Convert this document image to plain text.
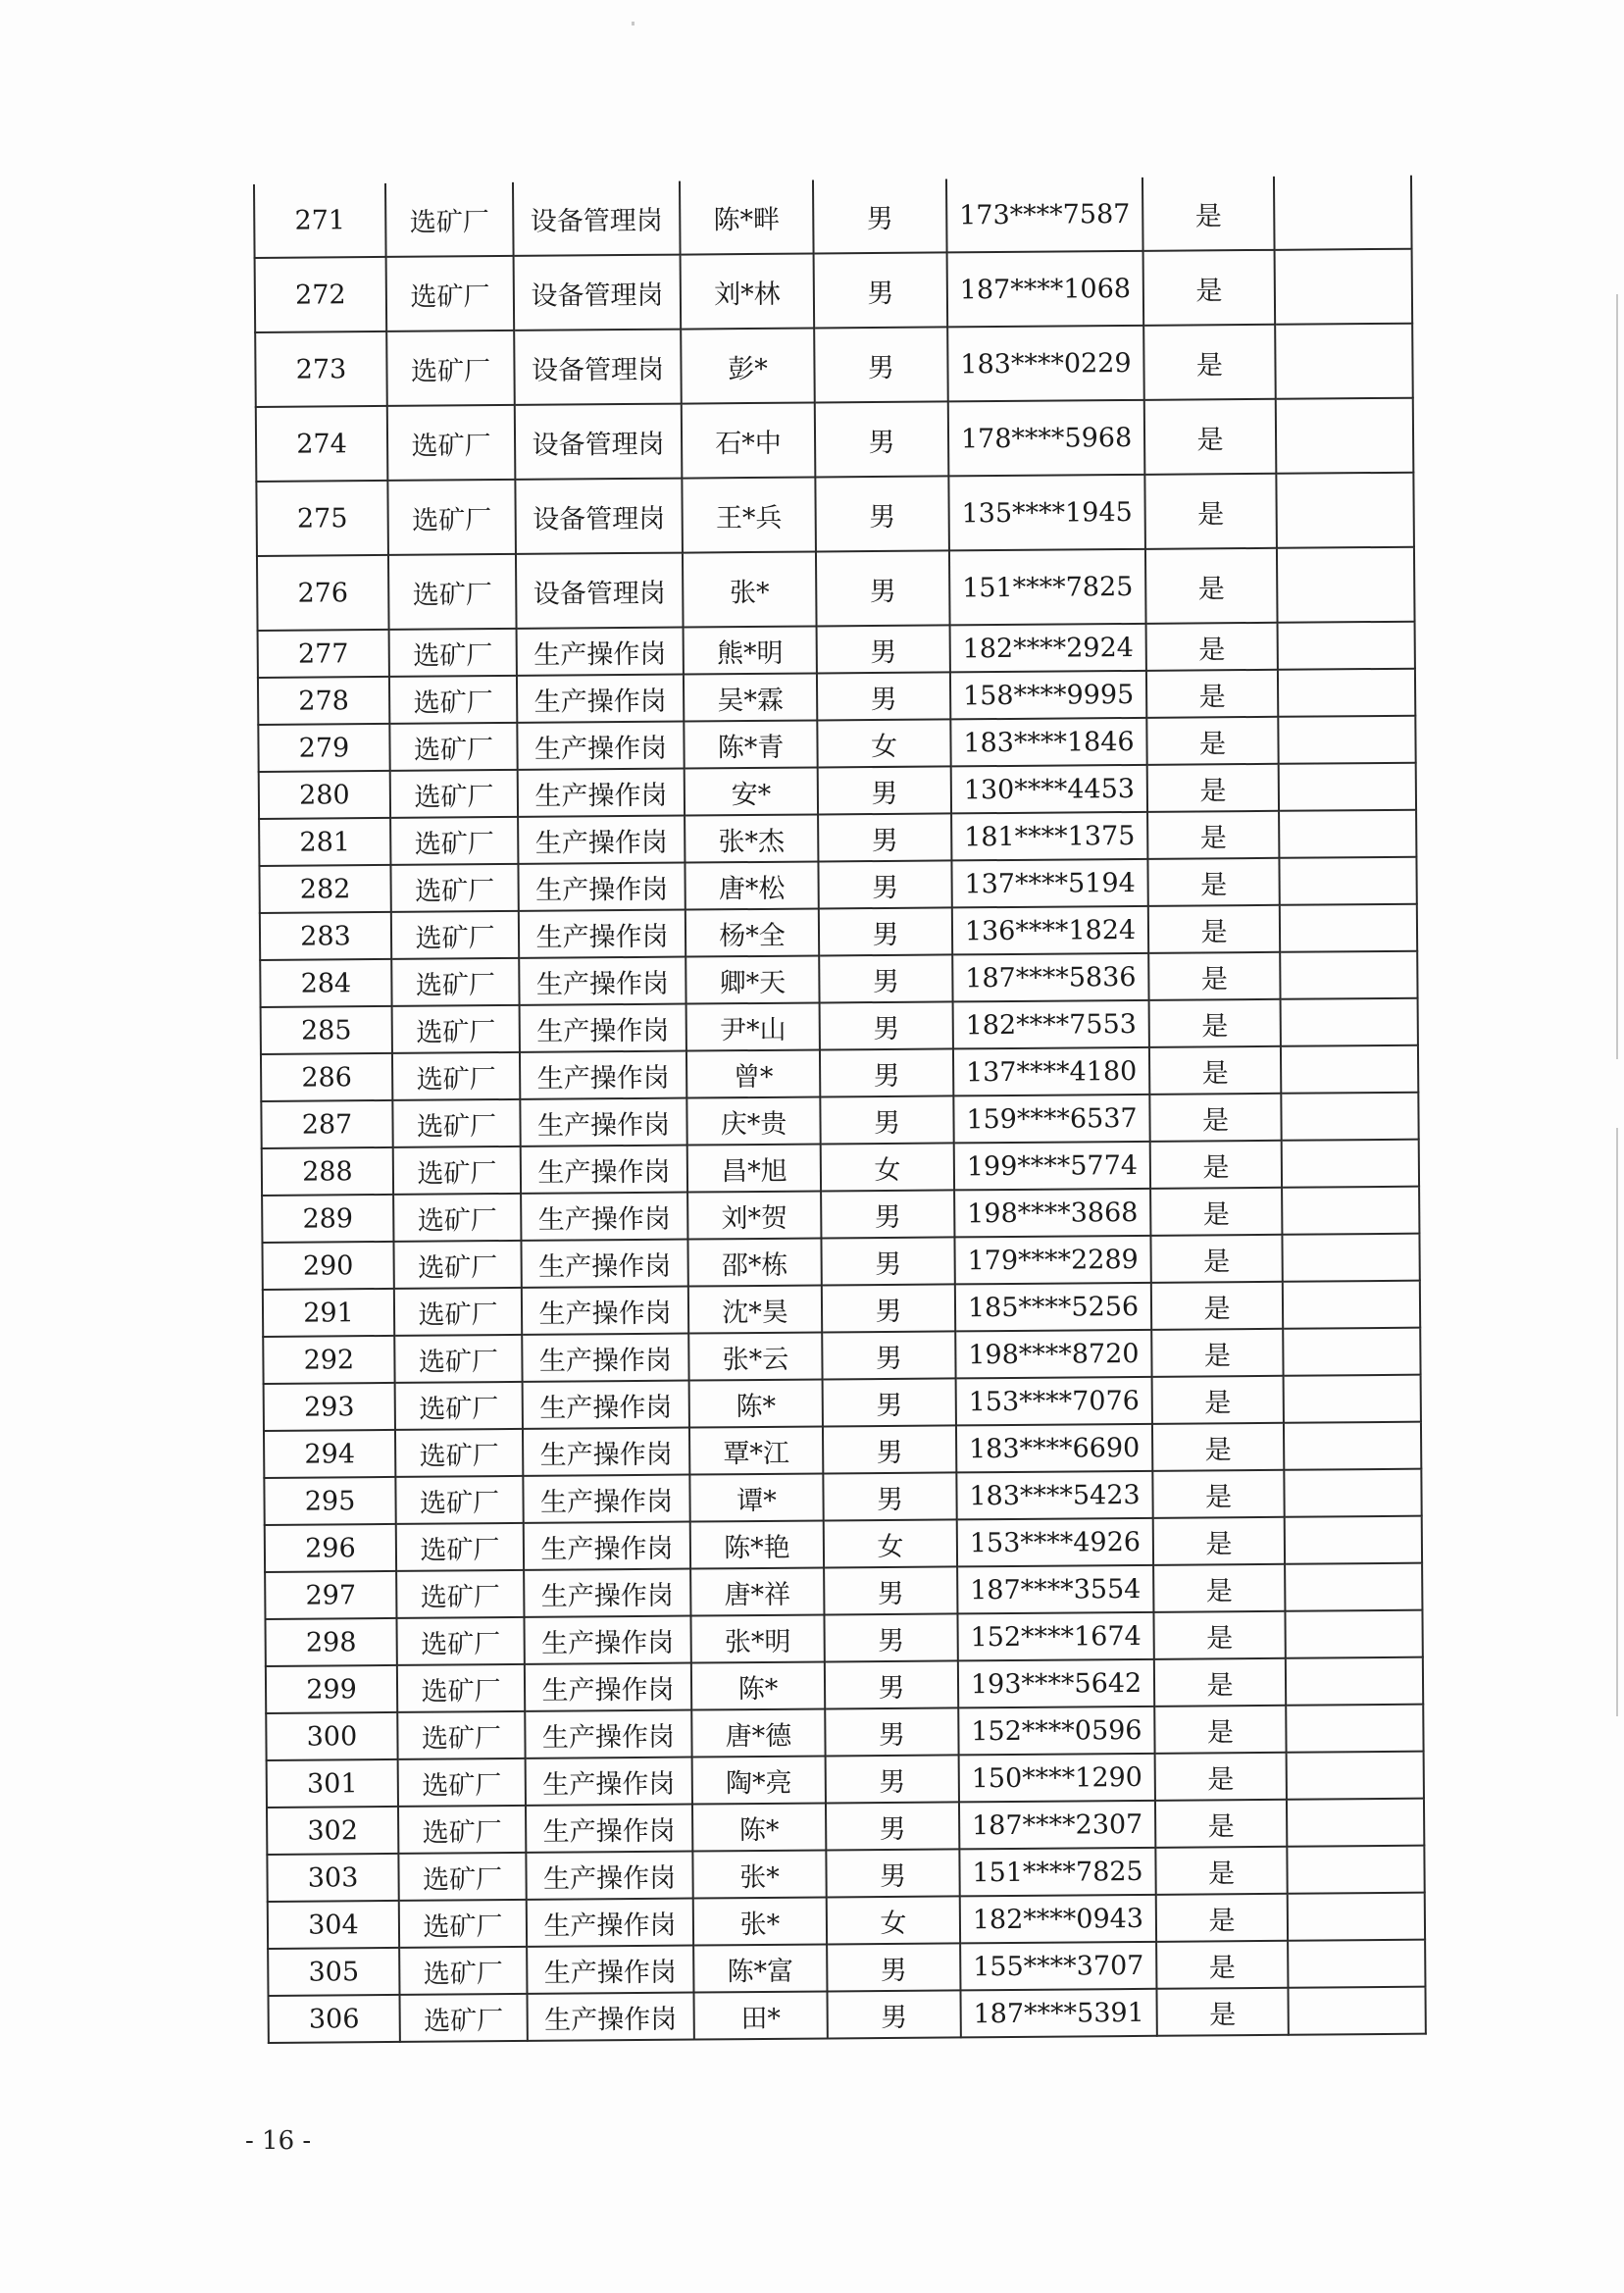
271	选矿厂	设备管理岗	陈*畔	男	173****7587	是	
272	选矿厂	设备管理岗	刘*林	男	187****1068	是	
273	选矿厂	设备管理岗	彭*	男	183****0229	是	
274	选矿厂	设备管理岗	石*中	男	178****5968	是	
275	选矿厂	设备管理岗	王*兵	男	135****1945	是	
276	选矿厂	设备管理岗	张*	男	151****7825	是	
277	选矿厂	生产操作岗	熊*明	男	182****2924	是	
278	选矿厂	生产操作岗	吴*霖	男	158****9995	是	
279	选矿厂	生产操作岗	陈*青	女	183****1846	是	
280	选矿厂	生产操作岗	安*	男	130****4453	是	
281	选矿厂	生产操作岗	张*杰	男	181****1375	是	
282	选矿厂	生产操作岗	唐*松	男	137****5194	是	
283	选矿厂	生产操作岗	杨*全	男	136****1824	是	
284	选矿厂	生产操作岗	卿*天	男	187****5836	是	
285	选矿厂	生产操作岗	尹*山	男	182****7553	是	
286	选矿厂	生产操作岗	曾*	男	137****4180	是	
287	选矿厂	生产操作岗	庆*贵	男	159****6537	是	
288	选矿厂	生产操作岗	昌*旭	女	199****5774	是	
289	选矿厂	生产操作岗	刘*贺	男	198****3868	是	
290	选矿厂	生产操作岗	邵*栋	男	179****2289	是	
291	选矿厂	生产操作岗	沈*昊	男	185****5256	是	
292	选矿厂	生产操作岗	张*云	男	198****8720	是	
293	选矿厂	生产操作岗	陈*	男	153****7076	是	
294	选矿厂	生产操作岗	覃*江	男	183****6690	是	
295	选矿厂	生产操作岗	谭*	男	183****5423	是	
296	选矿厂	生产操作岗	陈*艳	女	153****4926	是	
297	选矿厂	生产操作岗	唐*祥	男	187****3554	是	
298	选矿厂	生产操作岗	张*明	男	152****1674	是	
299	选矿厂	生产操作岗	陈*	男	193****5642	是	
300	选矿厂	生产操作岗	唐*德	男	152****0596	是	
301	选矿厂	生产操作岗	陶*亮	男	150****1290	是	
302	选矿厂	生产操作岗	陈*	男	187****2307	是	
303	选矿厂	生产操作岗	张*	男	151****7825	是	
304	选矿厂	生产操作岗	张*	女	182****0943	是	
305	选矿厂	生产操作岗	陈*富	男	155****3707	是	
306	选矿厂	生产操作岗	田*	男	187****5391	是	
- 16 -
